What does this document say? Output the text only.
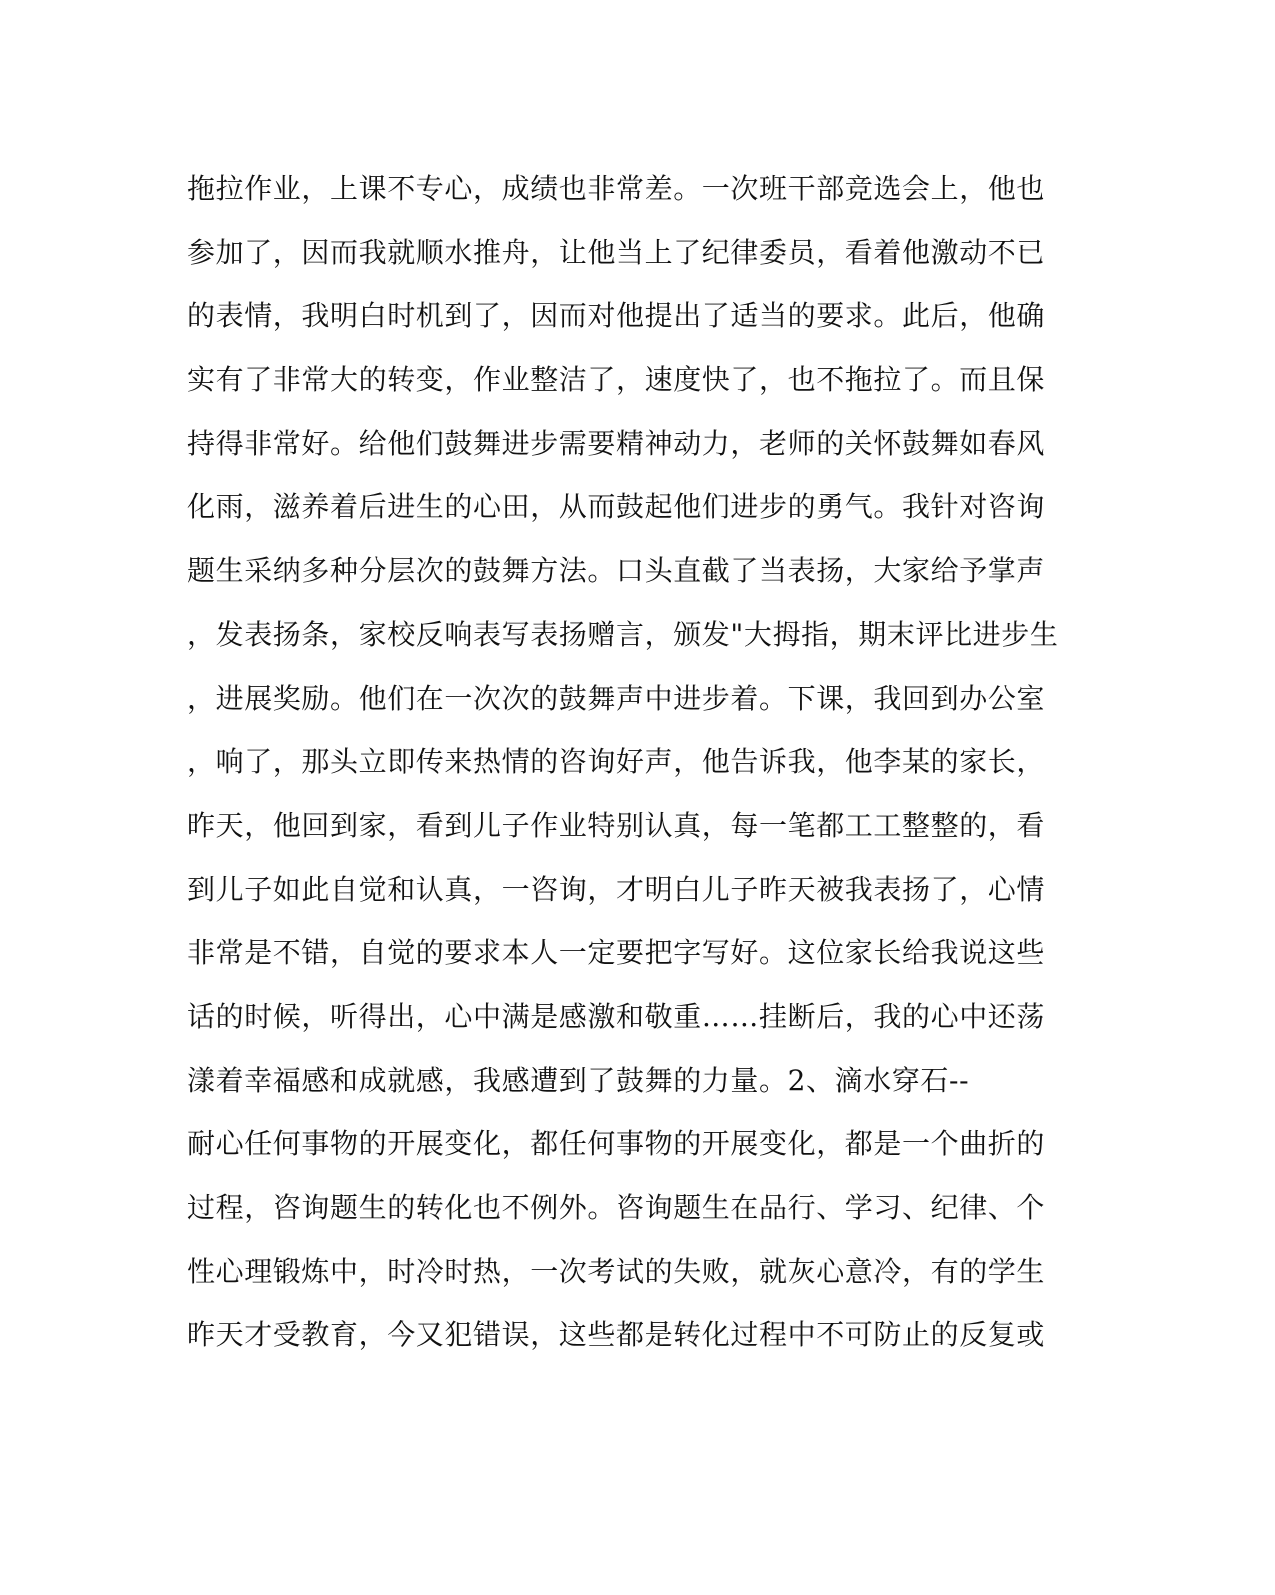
拖拉作业，上课不专心，成绩也非常差。一次班干部竞选会上，他也
参加了，因而我就顺水推舟，让他当上了纪律委员，看着他激动不已
的表情，我明白时机到了，因而对他提出了适当的要求。此后，他确
实有了非常大的转变，作业整洁了，速度快了，也不拖拉了。而且保
持得非常好。给他们鼓舞进步需要精神动力，老师的关怀鼓舞如春风
化雨，滋养着后进生的心田，从而鼓起他们进步的勇气。我针对咨询
题生采纳多种分层次的鼓舞方法。口头直截了当表扬，大家给予掌声
，发表扬条，家校反响表写表扬赠言，颁发"大拇指，期末评比进步生
，进展奖励。他们在一次次的鼓舞声中进步着。下课，我回到办公室
，响了，那头立即传来热情的咨询好声，他告诉我，他李某的家长，
昨天，他回到家，看到儿子作业特别认真，每一笔都工工整整的，看
到儿子如此自觉和认真，一咨询，才明白儿子昨天被我表扬了，心情
非常是不错，自觉的要求本人一定要把字写好。这位家长给我说这些
话的时候，听得出，心中满是感激和敬重……挂断后，我的心中还荡
漾着幸福感和成就感，我感遭到了鼓舞的力量。2、滴水穿石--
耐心任何事物的开展变化，都任何事物的开展变化，都是一个曲折的
过程，咨询题生的转化也不例外。咨询题生在品行、学习、纪律、个
性心理锻炼中，时冷时热，一次考试的失败，就灰心意冷，有的学生
昨天才受教育，今又犯错误，这些都是转化过程中不可防止的反复或
